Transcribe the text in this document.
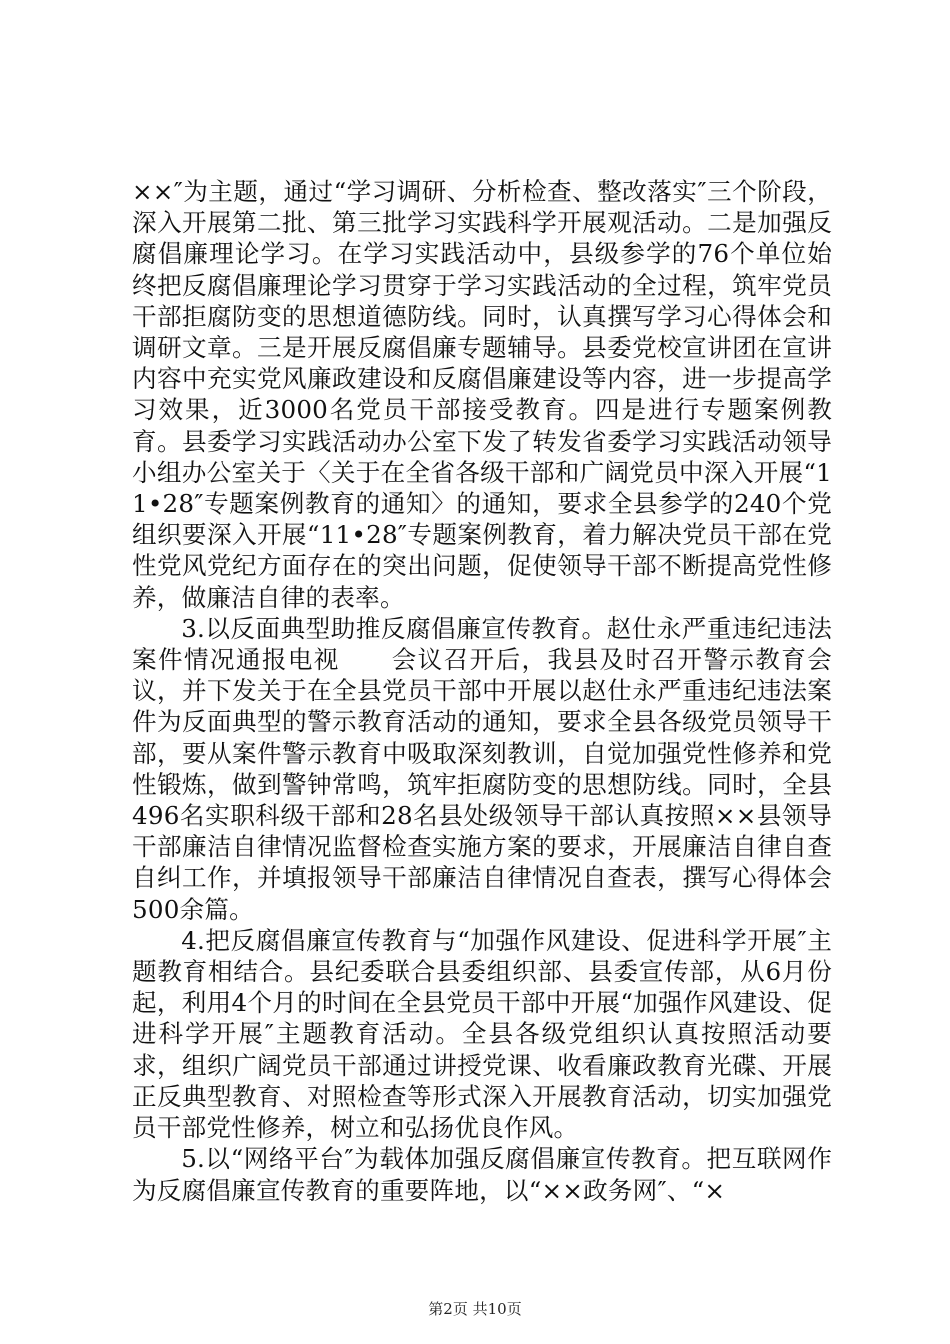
××″为主题，通过“学习调研、分析检查、整改落实″三个阶段，深入开展第二批、第三批学习实践科学开展观活动。二是加强反腐倡廉理论学习。在学习实践活动中，县级参学的76个单位始终把反腐倡廉理论学习贯穿于学习实践活动的全过程，筑牢党员干部拒腐防变的思想道德防线。同时，认真撰写学习心得体会和调研文章。三是开展反腐倡廉专题辅导。县委党校宣讲团在宣讲内容中充实党风廉政建设和反腐倡廉建设等内容，进一步提高学习效果，近3000名党员干部接受教育。四是进行专题案例教育。县委学习实践活动办公室下发了转发省委学习实践活动领导小组办公室关于〈关于在全省各级干部和广阔党员中深入开展“11•28″专题案例教育的通知〉的通知，要求全县参学的240个党组织要深入开展“11•28″专题案例教育，着力解决党员干部在党性党风党纪方面存在的突出问题，促使领导干部不断提高党性修养，做廉洁自律的表率。

3.以反面典型助推反腐倡廉宣传教育。赵仕永严重违纪违法案件情况通报电视　　会议召开后，我县及时召开警示教育会议，并下发关于在全县党员干部中开展以赵仕永严重违纪违法案件为反面典型的警示教育活动的通知，要求全县各级党员领导干部，要从案件警示教育中吸取深刻教训，自觉加强党性修养和党性锻炼，做到警钟常鸣，筑牢拒腐防变的思想防线。同时，全县496名实职科级干部和28名县处级领导干部认真按照××县领导干部廉洁自律情况监督检查实施方案的要求，开展廉洁自律自查自纠工作，并填报领导干部廉洁自律情况自查表，撰写心得体会500余篇。

4.把反腐倡廉宣传教育与“加强作风建设、促进科学开展″主题教育相结合。县纪委联合县委组织部、县委宣传部，从6月份起，利用4个月的时间在全县党员干部中开展“加强作风建设、促进科学开展″主题教育活动。全县各级党组织认真按照活动要求，组织广阔党员干部通过讲授党课、收看廉政教育光碟、开展正反典型教育、对照检查等形式深入开展教育活动，切实加强党员干部党性修养，树立和弘扬优良作风。

5.以“网络平台″为载体加强反腐倡廉宣传教育。把互联网作为反腐倡廉宣传教育的重要阵地，以“××政务网″、“×

第2页 共10页
